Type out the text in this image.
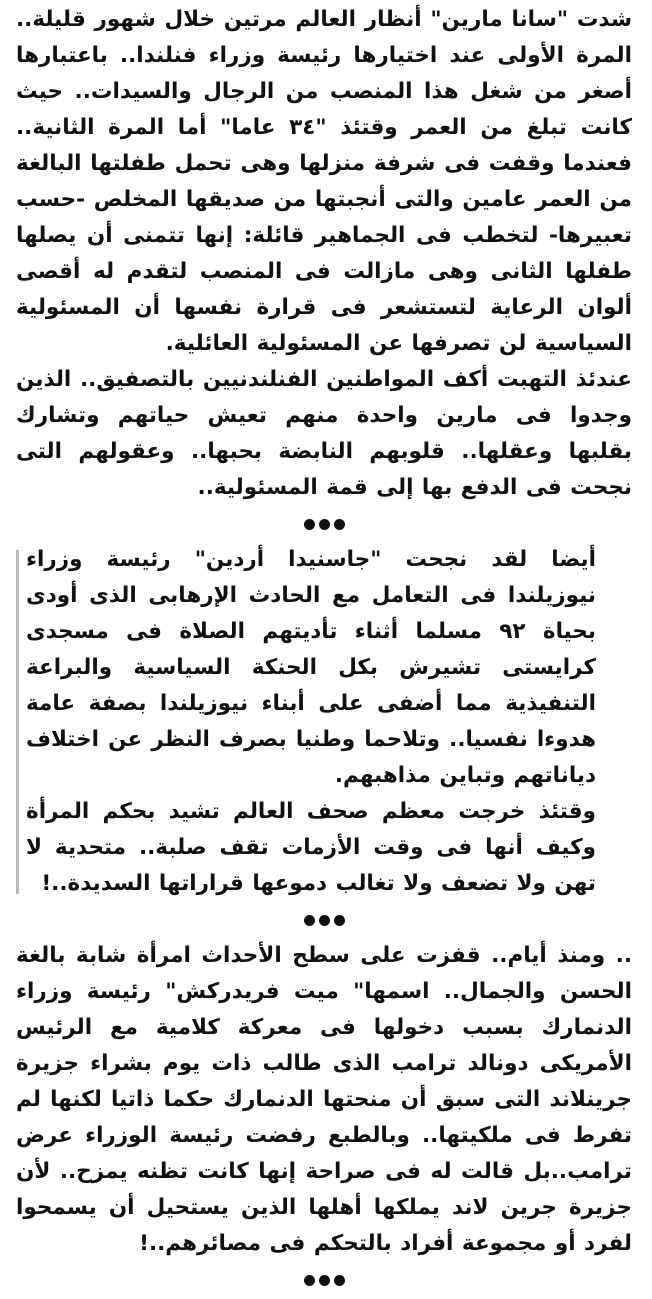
شدت "سانا مارين" أنظار العالم مرتين خلال شهور قليلة.. المرة الأولى عند اختيارها رئيسة وزراء فنلندا.. باعتبارها أصغر من شغل هذا المنصب من الرجال والسيدات.. حيث كانت تبلغ من العمر وقتئذ "٣٤ عاما" أما المرة الثانية.. فعندما وقفت فى شرفة منزلها وهى تحمل طفلتها البالغة من العمر عامين والتى أنجبتها من صديقها المخلص -حسب تعبيرها- لتخطب فى الجماهير قائلة: إنها تتمنى أن يصلها طفلها الثانى وهى مازالت فى المنصب لتقدم له أقصى ألوان الرعاية لتستشعر فى قرارة نفسها أن المسئولية السياسية لن تصرفها عن المسئولية العائلية.

عندئذ التهبت أكف المواطنين الفنلندنيين بالتصفيق.. الذين وجدوا فى مارين واحدة منهم تعيش حياتهم وتشارك بقلبها وعقلها.. قلوبهم النابضة بحبها.. وعقولهم التى نجحت فى الدفع بها إلى قمة المسئولية..

أيضا لقد نجحت "جاسنيدا أردين" رئيسة وزراء نيوزيلندا فى التعامل مع الحادث الإرهابى الذى أودى بحياة ٩٢ مسلما أثناء تأديتهم الصلاة فى مسجدى كرايستى تشيرش بكل الحنكة السياسية والبراعة التنفيذية مما أضفى على أبناء نيوزيلندا بصفة عامة هدوءا نفسيا.. وتلاحما وطنيا بصرف النظر عن اختلاف دياناتهم وتباين مذاهبهم.

وقتئذ خرجت معظم صحف العالم تشيد بحكم المرأة وكيف أنها فى وقت الأزمات تقف صلبة.. متحدية لا تهن ولا تضعف ولا تغالب دموعها قراراتها السديدة..!

.. ومنذ أيام.. قفزت على سطح الأحداث امرأة شابة بالغة الحسن والجمال.. اسمها" ميت فريدركش" رئيسة وزراء الدنمارك بسبب دخولها فى معركة كلامية مع الرئيس الأمريكى دونالد ترامب الذى طالب ذات يوم بشراء جزيرة جرينلاند التى سبق أن منحتها الدنمارك حكما ذاتيا لكنها لم تفرط فى ملكيتها.. وبالطبع رفضت رئيسة الوزراء عرض ترامب..بل قالت له فى صراحة إنها كانت تظنه يمزح.. لأن جزيرة جرين لاند يملكها أهلها الذين يستحيل أن يسمحوا لفرد أو مجموعة أفراد بالتحكم فى مصائرهم..!
